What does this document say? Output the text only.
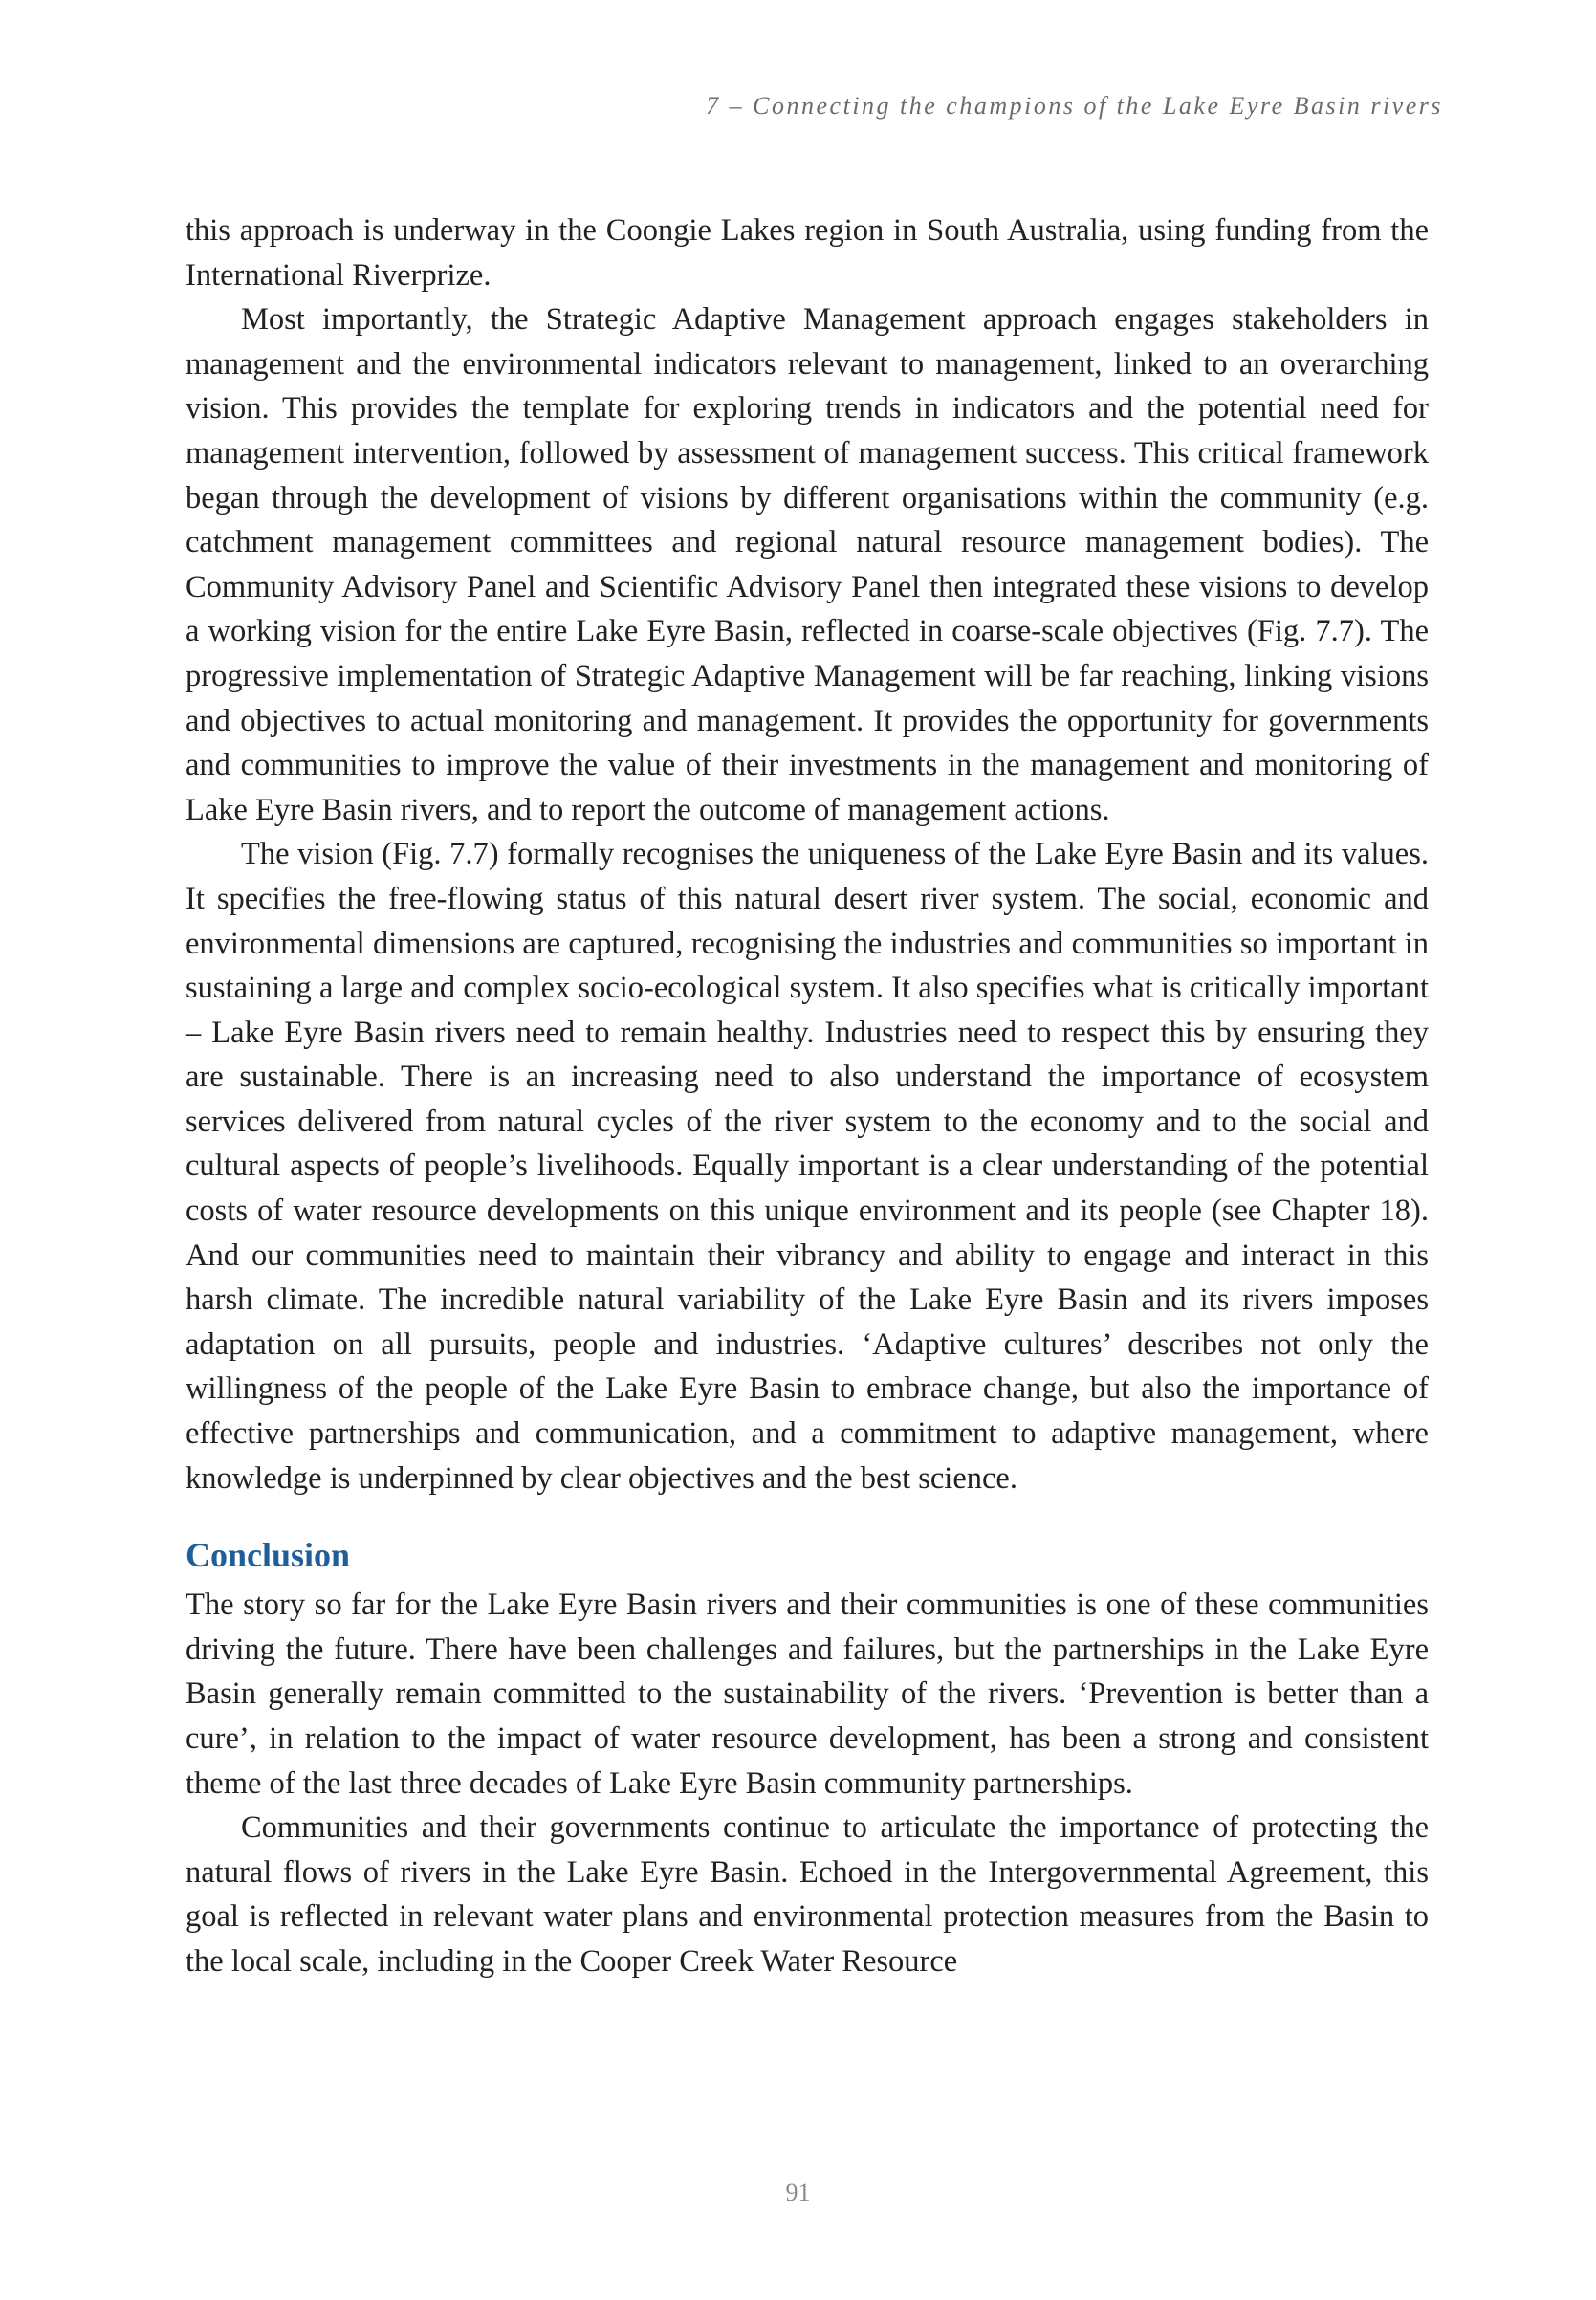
7 – Connecting the champions of the Lake Eyre Basin rivers

this approach is underway in the Coongie Lakes region in South Australia, using funding from the International Riverprize.

Most importantly, the Strategic Adaptive Management approach engages stakeholders in management and the environmental indicators relevant to management, linked to an overarching vision. This provides the template for exploring trends in indicators and the potential need for management intervention, followed by assessment of management success. This critical framework began through the development of visions by different organisations within the community (e.g. catchment management committees and regional natural resource management bodies). The Community Advisory Panel and Scientific Advisory Panel then integrated these visions to develop a working vision for the entire Lake Eyre Basin, reflected in coarse-scale objectives (Fig. 7.7). The progressive implementation of Strategic Adaptive Management will be far reaching, linking visions and objectives to actual monitoring and management. It provides the opportunity for governments and communities to improve the value of their investments in the management and monitoring of Lake Eyre Basin rivers, and to report the outcome of management actions.

The vision (Fig. 7.7) formally recognises the uniqueness of the Lake Eyre Basin and its values. It specifies the free-flowing status of this natural desert river system. The social, economic and environmental dimensions are captured, recognising the industries and communities so important in sustaining a large and complex socio-ecological system. It also specifies what is critically important – Lake Eyre Basin rivers need to remain healthy. Industries need to respect this by ensuring they are sustainable. There is an increasing need to also understand the importance of ecosystem services delivered from natural cycles of the river system to the economy and to the social and cultural aspects of people’s livelihoods. Equally important is a clear understanding of the potential costs of water resource developments on this unique environment and its people (see Chapter 18). And our communities need to maintain their vibrancy and ability to engage and interact in this harsh climate. The incredible natural variability of the Lake Eyre Basin and its rivers imposes adaptation on all pursuits, people and industries. ‘Adaptive cultures’ describes not only the willingness of the people of the Lake Eyre Basin to embrace change, but also the importance of effective partnerships and communication, and a commitment to adaptive management, where knowledge is underpinned by clear objectives and the best science.

Conclusion

The story so far for the Lake Eyre Basin rivers and their communities is one of these communities driving the future. There have been challenges and failures, but the partnerships in the Lake Eyre Basin generally remain committed to the sustainability of the rivers. ‘Prevention is better than a cure’, in relation to the impact of water resource development, has been a strong and consistent theme of the last three decades of Lake Eyre Basin community partnerships.

Communities and their governments continue to articulate the importance of protecting the natural flows of rivers in the Lake Eyre Basin. Echoed in the Intergovernmental Agreement, this goal is reflected in relevant water plans and environmental protection measures from the Basin to the local scale, including in the Cooper Creek Water Resource

91
